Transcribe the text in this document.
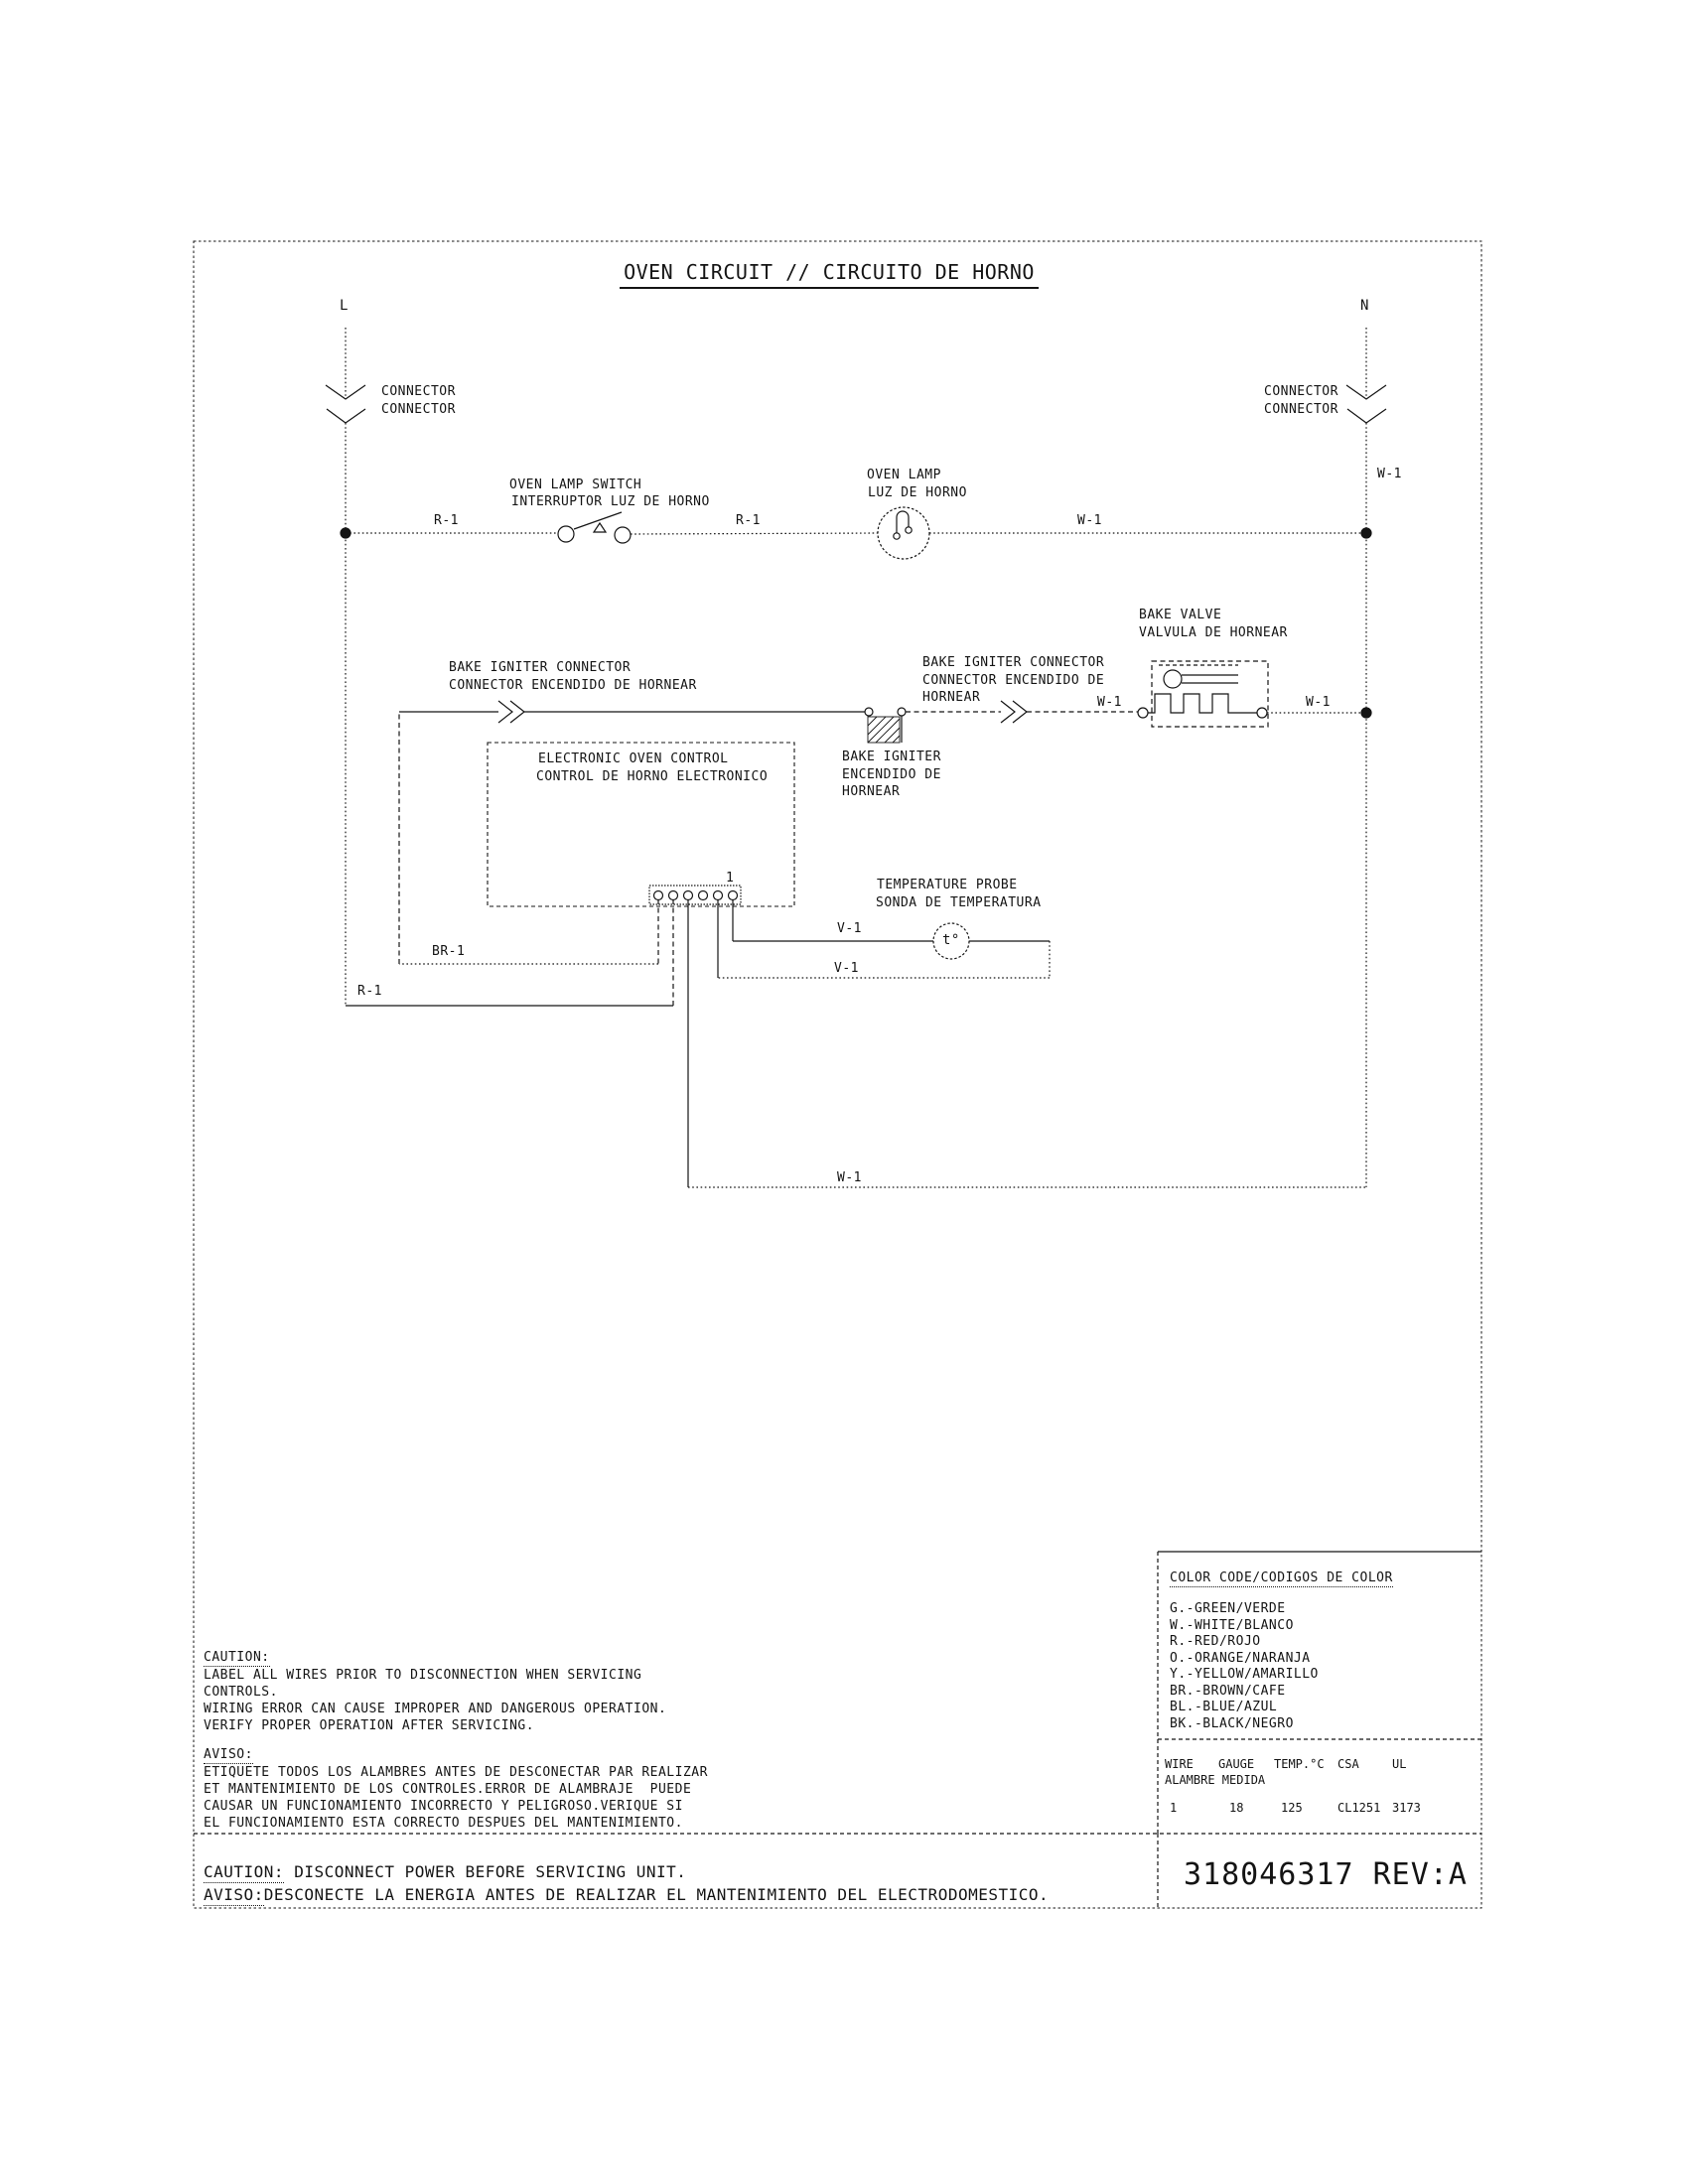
OVEN CIRCUIT // CIRCUITO DE HORNO
L	N
CONNECTOR
CONNECTOR
CONNECTOR
CONNECTOR
W-1
R-1
OVEN LAMP SWITCH
INTERRUPTOR LUZ DE HORNO
R-1
OVEN LAMP
LUZ DE HORNO
W-1
BAKE IGNITER CONNECTOR
CONNECTOR ENCENDIDO DE HORNEAR
BAKE IGNITER CONNECTOR
CONNECTOR ENCENDIDO DE
HORNEAR	W-1
BAKE IGNITER
ENCENDIDO DE
HORNEAR
BAKE VALVE
VALVULA DE HORNEAR
W-1
ELECTRONIC OVEN CONTROL
CONTROL DE HORNO ELECTRONICO
1	TEMPERATURE PROBE
SONDA DE TEMPERATURA
t°
V-1
V-1
BR-1
R-1
W-1
CAUTION:
LABEL ALL WIRES PRIOR TO DISCONNECTION WHEN SERVICING
CONTROLS.
WIRING ERROR CAN CAUSE IMPROPER AND DANGEROUS OPERATION.
VERIFY PROPER OPERATION AFTER SERVICING.
AVISO:
ETIQUETE TODOS LOS ALAMBRES ANTES DE DESCONECTAR PAR REALIZAR
ET MANTENIMIENTO DE LOS CONTROLES.ERROR DE ALAMBRAJE  PUEDE
CAUSAR UN FUNCIONAMIENTO INCORRECTO Y PELIGROSO.VERIQUE SI
EL FUNCIONAMIENTO ESTA CORRECTO DESPUES DEL MANTENIMIENTO.
COLOR CODE/CODIGOS DE COLOR
G.-GREEN/VERDE
W.-WHITE/BLANCO
R.-RED/ROJO
O.-ORANGE/NARANJA
Y.-YELLOW/AMARILLO
BR.-BROWN/CAFE
BL.-BLUE/AZUL
BK.-BLACK/NEGRO
WIRE GAUGE TEMP.°C CSA	UL
ALAMBRE MEDIDA
1	18	125	CL1251 3173
CAUTION: DISCONNECT POWER BEFORE SERVICING UNIT.
AVISO:DESCONECTE LA ENERGIA ANTES DE REALIZAR EL MANTENIMIENTO DEL ELECTRODOMESTICO.
318046317 REV:A
